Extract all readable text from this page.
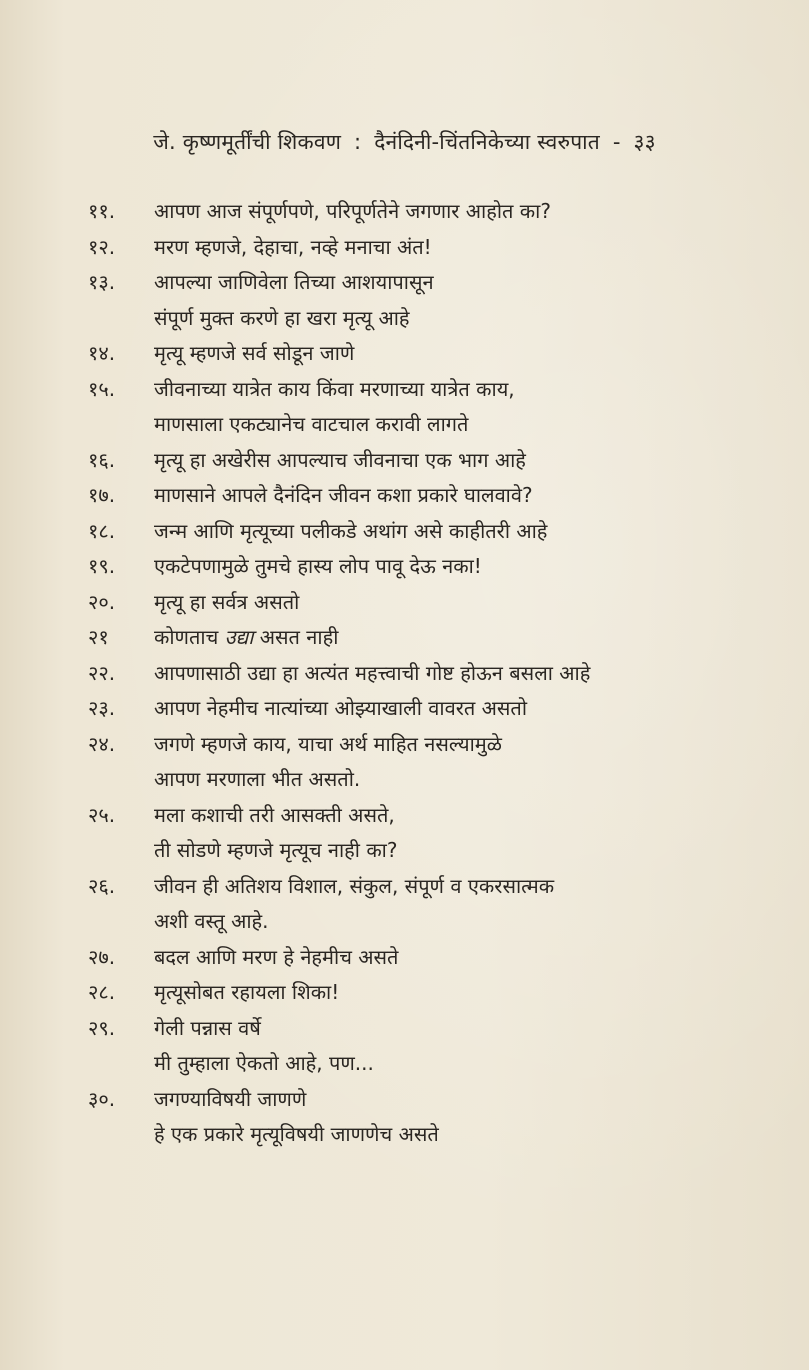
जे. कृष्णमूर्तींची शिकवण : दैनंदिनी-चिंतनिकेच्या स्वरुपात - ३३
११.	आपण आज संपूर्णपणे, परिपूर्णतेने जगणार आहोत का?
१२.	मरण म्हणजे, देहाचा, नव्हे मनाचा अंत!
१३.	आपल्या जाणिवेला तिच्या आशयापासून
संपूर्ण मुक्त करणे हा खरा मृत्यू आहे
१४.	मृत्यू म्हणजे सर्व सोडून जाणे
१५.	जीवनाच्या यात्रेत काय किंवा मरणाच्या यात्रेत काय,
माणसाला एकट्यानेच वाटचाल करावी लागते
१६.	मृत्यू हा अखेरीस आपल्याच जीवनाचा एक भाग आहे
१७.	माणसाने आपले दैनंदिन जीवन कशा प्रकारे घालवावे?
१८.	जन्म आणि मृत्यूच्या पलीकडे अथांग असे काहीतरी आहे
१९.	एकटेपणामुळे तुमचे हास्य लोप पावू देऊ नका!
२०.	मृत्यू हा सर्वत्र असतो
२१	कोणताच उद्या असत नाही
२२.	आपणासाठी उद्या हा अत्यंत महत्त्वाची गोष्ट होऊन बसला आहे
२३.	आपण नेहमीच नात्यांच्या ओझ्याखाली वावरत असतो
२४.	जगणे म्हणजे काय, याचा अर्थ माहित नसल्यामुळे
आपण मरणाला भीत असतो.
२५.	मला कशाची तरी आसक्ती असते,
ती सोडणे म्हणजे मृत्यूच नाही का?
२६.	जीवन ही अतिशय विशाल, संकुल, संपूर्ण व एकरसात्मक
अशी वस्तू आहे.
२७.	बदल आणि मरण हे नेहमीच असते
२८.	मृत्यूसोबत रहायला शिका!
२९.	गेली पन्नास वर्षे
मी तुम्हाला ऐकतो आहे, पण...
३०.	जगण्याविषयी जाणणे
हे एक प्रकारे मृत्यूविषयी जाणणेच असते
